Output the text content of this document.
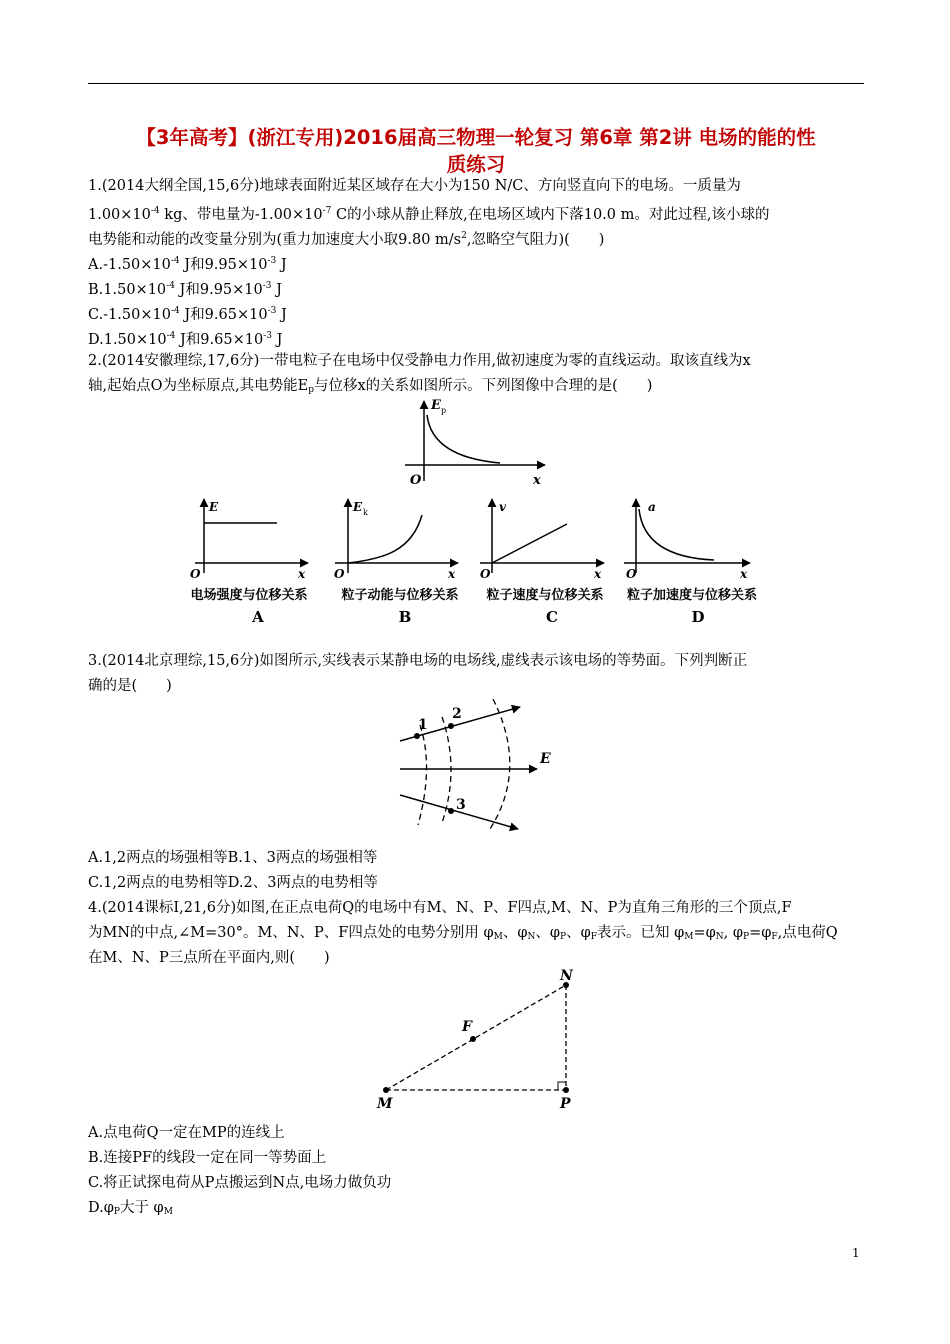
【3年高考】(浙江专用)2016届高三物理一轮复习 第6章 第2讲 电场的能的性
质练习
1.(2014大纲全国,15,6分)地球表面附近某区域存在大小为150 N/C、方向竖直向下的电场。一质量为
$1.00\times 10^{-4}$ kg、带电量为$-1.00\times 10^{-7}$ C的小球从静止释放,在电场区域内下落10.0 m。对此过程,该小球的
电势能和动能的改变量分别为(重力加速度大小取9.80 $m/s^2$,忽略空气阻力)(　　)
$A.-1.50\times 10^{-4}$ J和$9.95\times 10^{-3}$ J
$B.1.50\times 10^{-4}$ J和$9.95\times 10^{-3}$ J
$C.-1.50\times 10^{-4}$ J和$9.65\times 10^{-3}$ J
$D.1.50\times 10^{-4}$ J和$9.65\times 10^{-3}$ J
2.(2014安徽理综,17,6分)一带电粒子在电场中仅受静电力作用,做初速度为零的直线运动。取该直线为x
轴,起始点O为坐标原点,其电势能$E_p$与位移x的关系如图所示。下列图像中合理的是(　　)
E p
O	x
E
O	x
电场强度与位移关系
A
E k
O	x
粒子动能与位移关系
B
v
O	x
粒子速度与位移关系
C
a
O	x
粒子加速度与位移关系
D
3.(2014北京理综,15,6分)如图所示,实线表示某静电场的电场线,虚线表示该电场的等势面。下列判断正
确的是(　　)
1
2
3
E
A.1,2两点的场强相等B.1、3两点的场强相等
C.1,2两点的电势相等D.2、3两点的电势相等
4.(2014课标Ⅰ,21,6分)如图,在正点电荷Q的电场中有M、N、P、F四点,M、N、P为直角三角形的三个顶点,F
为MN的中点,∠M=30°。M、N、P、F四点处的电势分别用 $\varphi_M$、$\varphi_N$、$\varphi_P$、$\varphi_F$表示。已知 $\varphi_M=\varphi_N$, $\varphi_P=\varphi_F$,点电荷Q
在M、N、P三点所在平面内,则(　　)
N
F
M	P
A.点电荷Q一定在MP的连线上
B.连接PF的线段一定在同一等势面上
C.将正试探电荷从P点搬运到N点,电场力做负功
$D.\varphi_P$大于 $\varphi_M$
1
